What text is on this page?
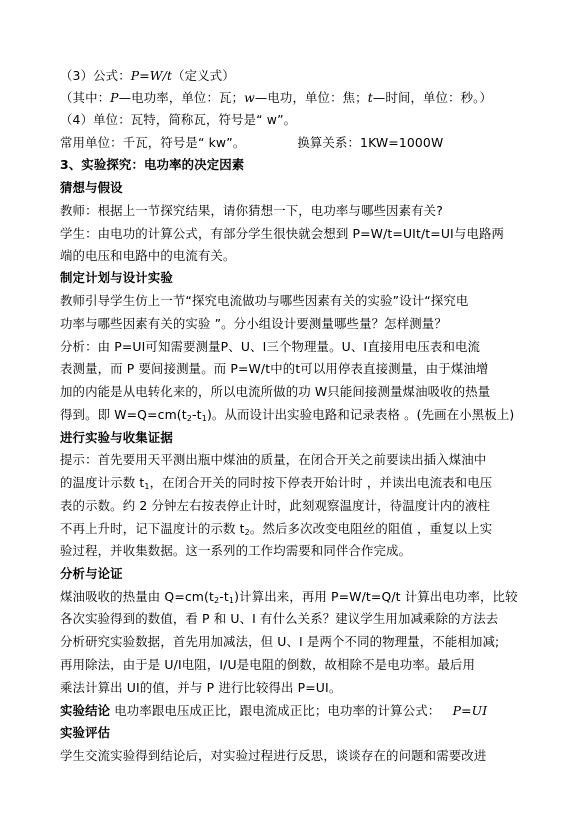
（3）公式：P=W/t（定义式）
（其中：P—电功率，单位：瓦；w—电功，单位：焦；t—时间，单位：秒。）
（4）单位：瓦特，简称瓦，符号是“ w”。
常用单位：千瓦，符号是“ kw”。	换算关系：1KW=1000W
3、实验探究：电功率的决定因素
猜想与假设
教师：根据上一节探究结果，请你猜想一下，电功率与哪些因素有关?
学生：由电功的计算公式，有部分学生很快就会想到 P=W/t=UIt/t=UI与电路两
端的电压和电路中的电流有关。
制定计划与设计实验
教师引导学生仿上一节“探究电流做功与哪些因素有关的实验”设计“探究电
功率与哪些因素有关的实验 ”。分小组设计要测量哪些量？怎样测量？
分析：由 P=UI可知需要测量P、U、I三个物理量。U、I直接用电压表和电流
表测量，而 P 要间接测量。而 P=W/t中的t可以用停表直接测量，由于煤油增
加的内能是从电转化来的，所以电流所做的功 W只能间接测量煤油吸收的热量
得到。即 $W=Q=cm(t_2-t_1)$。从而设计出实验电路和记录表格 。(先画在小黑板上)
进行实验与收集证据
提示：首先要用天平测出瓶中煤油的质量，在闭合开关之前要读出插入煤油中
的温度计示数 $t_1$，在闭合开关的同时按下停表开始计时 ，并读出电流表和电压
表的示数。约 2 分钟左右按表停止计时，此刻观察温度计，待温度计内的液柱
不再上升时，记下温度计的示数 $t_2$。然后多次改变电阻丝的阻值 ，重复以上实
验过程，并收集数据。这一系列的工作均需要和同伴合作完成。
分析与论证
煤油吸收的热量由 $Q=cm(t_2-t_1)$计算出来，再用 P=W/t=Q/t 计算出电功率，比较
各次实验得到的数值，看 P 和 U、I 有什么关系？建议学生用加减乘除的方法去
分析研究实验数据，首先用加减法，但 U、I 是两个不同的物理量，不能相加减;
再用除法，由于是 U/I电阻，I/U是电阻的倒数，故相除不是电功率。最后用
乘法计算出 UI的值，并与 P 进行比较得出 P=UI。
实验结论 电功率跟电压成正比，跟电流成正比；电功率的计算公式： P=UI
实验评估
学生交流实验得到结论后，对实验过程进行反思，谈谈存在的问题和需要改进
